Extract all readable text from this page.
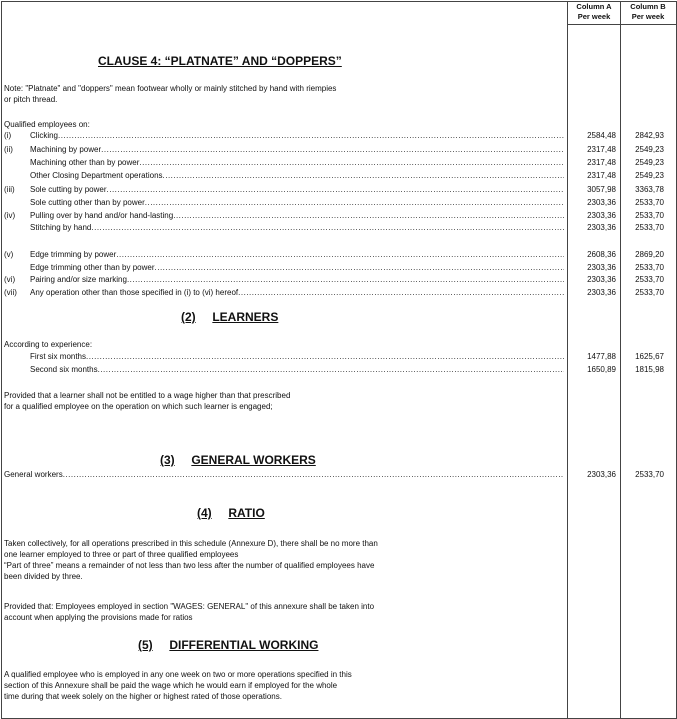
Column A
Per week
Column B
Per week
CLAUSE 4: “PLATNATE” AND “DOPPERS”
Note: "Platnate" and "doppers" mean footwear wholly or mainly stitched by hand with riempies
or pitch thread.
Qualified employees on:
(i)	Clicking .....	2584,48	2842,93
(ii)	Machining by power .....	2317,48	2549,23
Machining other than by power .....	2317,48	2549,23
Other Closing Department operations .....	2317,48	2549,23
(iii)	Sole cutting by power .....	3057,98	3363,78
Sole cutting other than by power .....	2303,36	2533,70
(iv)	Pulling over by hand and/or hand-lasting .....	2303,36	2533,70
Stitching by hand .....	2303,36	2533,70
(v)	Edge trimming by power .....	2608,36	2869,20
Edge trimming other than by power .....	2303,36	2533,70
(vi)	Pairing and/or size marking .....	2303,36	2533,70
(vii)	Any operation other than those specified in (i) to (vi) hereof .....	2303,36	2533,70
(2) LEARNERS
According to experience:
First six months .....	1477,88	1625,67
Second six months .....	1650,89	1815,98
Provided that a learner shall not be entitled to a wage higher than that prescribed
for a qualified employee on the operation on which such learner is engaged;
(3) GENERAL WORKERS
General workers .....	2303,36	2533,70
(4) RATIO
Taken collectively, for all operations prescribed in this schedule (Annexure D), there shall be no more than
one learner employed to three or part of three qualified employees
“Part of three” means a remainder of not less than two less after the number of qualified employees have
been divided by three.
Provided that: Employees employed in section "WAGES: GENERAL" of this annexure shall be taken into
account when applying the provisions made for ratios
(5) DIFFERENTIAL WORKING
A qualified employee who is employed in any one week on two or more operations specified in this
section of this Annexure shall be paid the wage which he would earn if employed for the whole
time during that week solely on the higher or highest rated of those operations.
